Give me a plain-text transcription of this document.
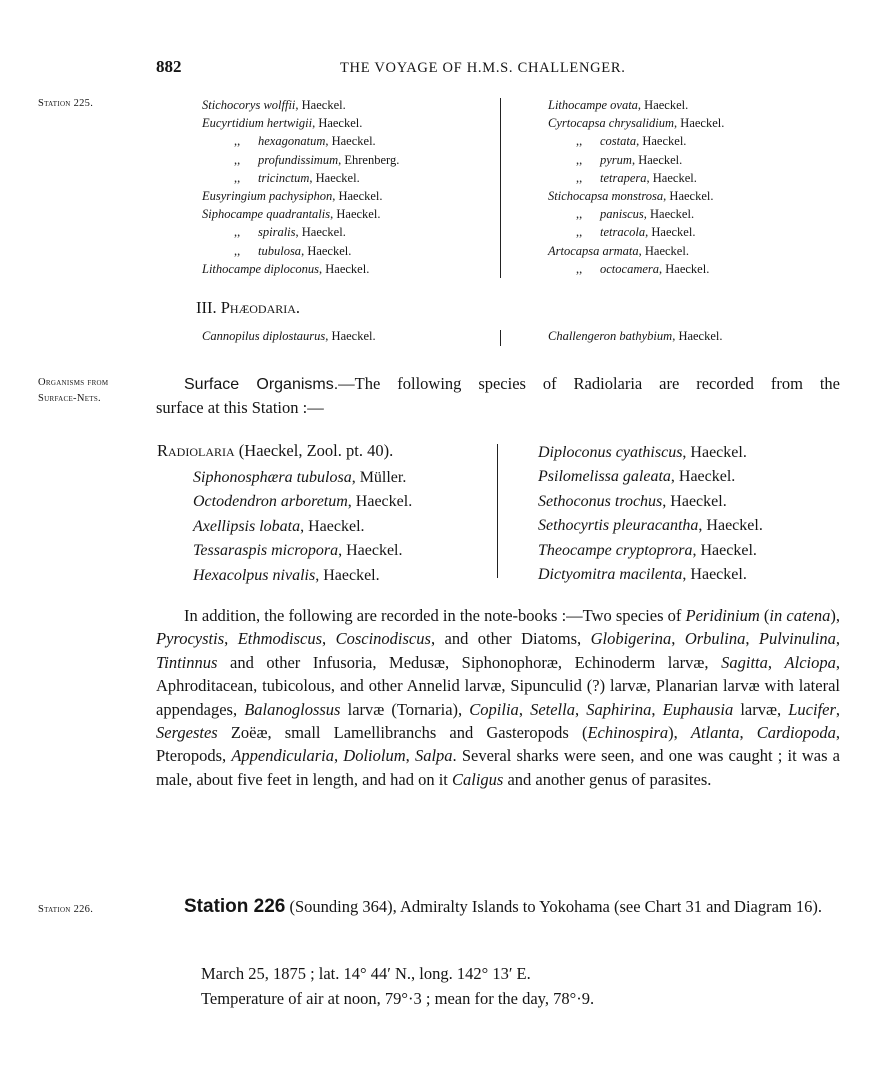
882	THE VOYAGE OF H.M.S. CHALLENGER.
Station 225.	Stichocorys wolffii, Haeckel.
Eucyrtidium hertwigii, Haeckel.
,, hexagonatum, Haeckel.
,, profundissimum, Ehrenberg.
,, tricinctum, Haeckel.
Eusyringium pachysiphon, Haeckel.
Siphocampe quadrantalis, Haeckel.
,, spiralis, Haeckel.
,, tubulosa, Haeckel.
Lithocampe diploconus, Haeckel.
Lithocampe ovata, Haeckel.
Cyrtocapsa chrysalidium, Haeckel.
,, costata, Haeckel.
,, pyrum, Haeckel.
,, tetrapera, Haeckel.
Stichocapsa monstrosa, Haeckel.
,, paniscus, Haeckel.
,, tetracola, Haeckel.
Artocapsa armata, Haeckel.
,, octocamera, Haeckel.
III. Phæodaria.
Cannopilus diplostaurus, Haeckel.	Challengeron bathybium, Haeckel.
Organisms from
Surface-Nets.
Surface Organisms.—The following species of Radiolaria are recorded from the
surface at this Station :—
Radiolaria (Haeckel, Zool. pt. 40).
Siphonosphæra tubulosa, Müller.
Octodendron arboretum, Haeckel.
Axellipsis lobata, Haeckel.
Tessaraspis micropora, Haeckel.
Hexacolpus nivalis, Haeckel.
Diploconus cyathiscus, Haeckel.
Psilomelissa galeata, Haeckel.
Sethoconus trochus, Haeckel.
Sethocyrtis pleuracantha, Haeckel.
Theocampe cryptoprora, Haeckel.
Dictyomitra macilenta, Haeckel.
In addition, the following are recorded in the note-books :—Two species of Peridinium (in catena), Pyrocystis, Ethmodiscus, Coscinodiscus, and other Diatoms, Globigerina, Orbulina, Pulvinulina, Tintinnus and other Infusoria, Medusæ, Siphonophoræ, Echinoderm larvæ, Sagitta, Alciopa, Aphroditacean, tubicolous, and other Annelid larvæ, Sipunculid (?) larvæ, Planarian larvæ with lateral appendages, Balanoglossus larvæ (Tornaria), Copilia, Setella, Saphirina, Euphausia larvæ, Lucifer, Sergestes Zoëæ, small Lamellibranchs and Gasteropods (Echinospira), Atlanta, Cardiopoda, Pteropods, Appendicularia, Doliolum, Salpa. Several sharks were seen, and one was caught ; it was a male, about five feet in length, and had on it Caligus and another genus of parasites.
Station 226.	Station 226 (Sounding 364), Admiralty Islands to Yokohama (see Chart 31 and Diagram 16).
March 25, 1875 ; lat. 14° 44′ N., long. 142° 13′ E.
Temperature of air at noon, 79°·3 ; mean for the day, 78°·9.
